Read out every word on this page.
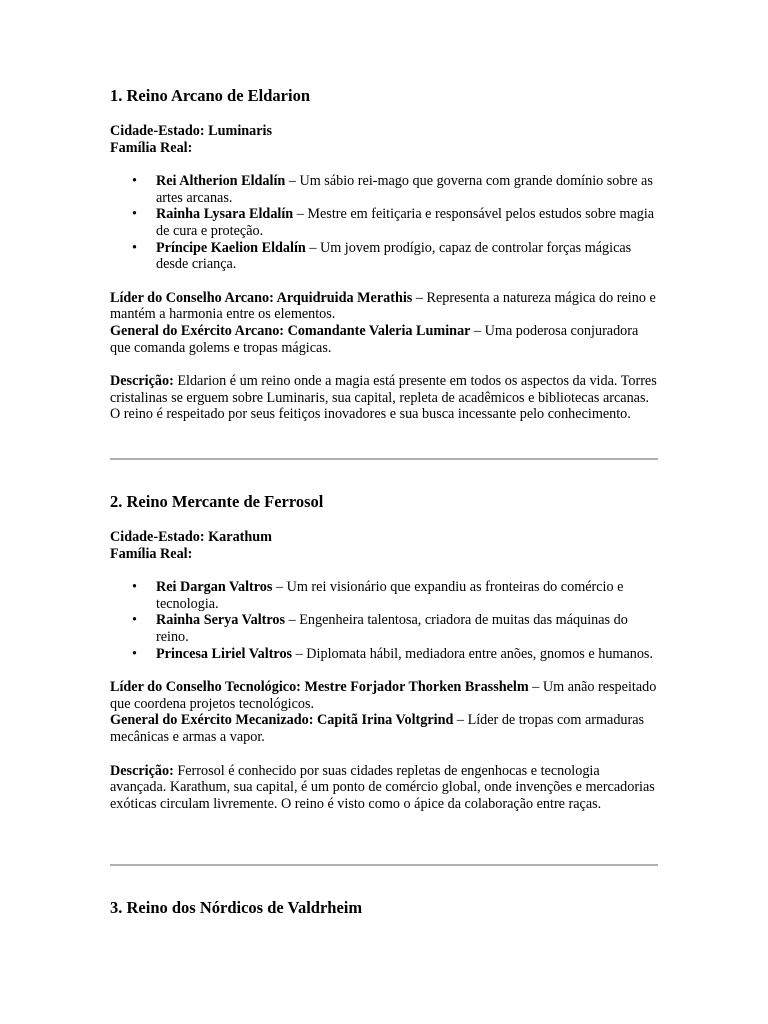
1. Reino Arcano de Eldarion

Cidade-Estado: Luminaris

Família Real:

• Rei Altherion Eldalín – Um sábio rei-mago que governa com grande domínio sobre as artes arcanas.
• Rainha Lysara Eldalín – Mestre em feitiçaria e responsável pelos estudos sobre magia de cura e proteção.
• Príncipe Kaelion Eldalín – Um jovem prodígio, capaz de controlar forças mágicas desde criança.

Líder do Conselho Arcano: Arquidruida Merathis – Representa a natureza mágica do reino e mantém a harmonia entre os elementos.

General do Exército Arcano: Comandante Valeria Luminar – Uma poderosa conjuradora que comanda golems e tropas mágicas.

Descrição: Eldarion é um reino onde a magia está presente em todos os aspectos da vida. Torres cristalinas se erguem sobre Luminaris, sua capital, repleta de acadêmicos e bibliotecas arcanas. O reino é respeitado por seus feitiços inovadores e sua busca incessante pelo conhecimento.

2. Reino Mercante de Ferrosol

Cidade-Estado: Karathum

Família Real:

• Rei Dargan Valtros – Um rei visionário que expandiu as fronteiras do comércio e tecnologia.
• Rainha Serya Valtros – Engenheira talentosa, criadora de muitas das máquinas do reino.
• Princesa Liriel Valtros – Diplomata hábil, mediadora entre anões, gnomos e humanos.

Líder do Conselho Tecnológico: Mestre Forjador Thorken Brasshelm – Um anão respeitado que coordena projetos tecnológicos.

General do Exército Mecanizado: Capitã Irina Voltgrind – Líder de tropas com armaduras mecânicas e armas a vapor.

Descrição: Ferrosol é conhecido por suas cidades repletas de engenhocas e tecnologia avançada. Karathum, sua capital, é um ponto de comércio global, onde invenções e mercadorias exóticas circulam livremente. O reino é visto como o ápice da colaboração entre raças.

3. Reino dos Nórdicos de Valdrheim
